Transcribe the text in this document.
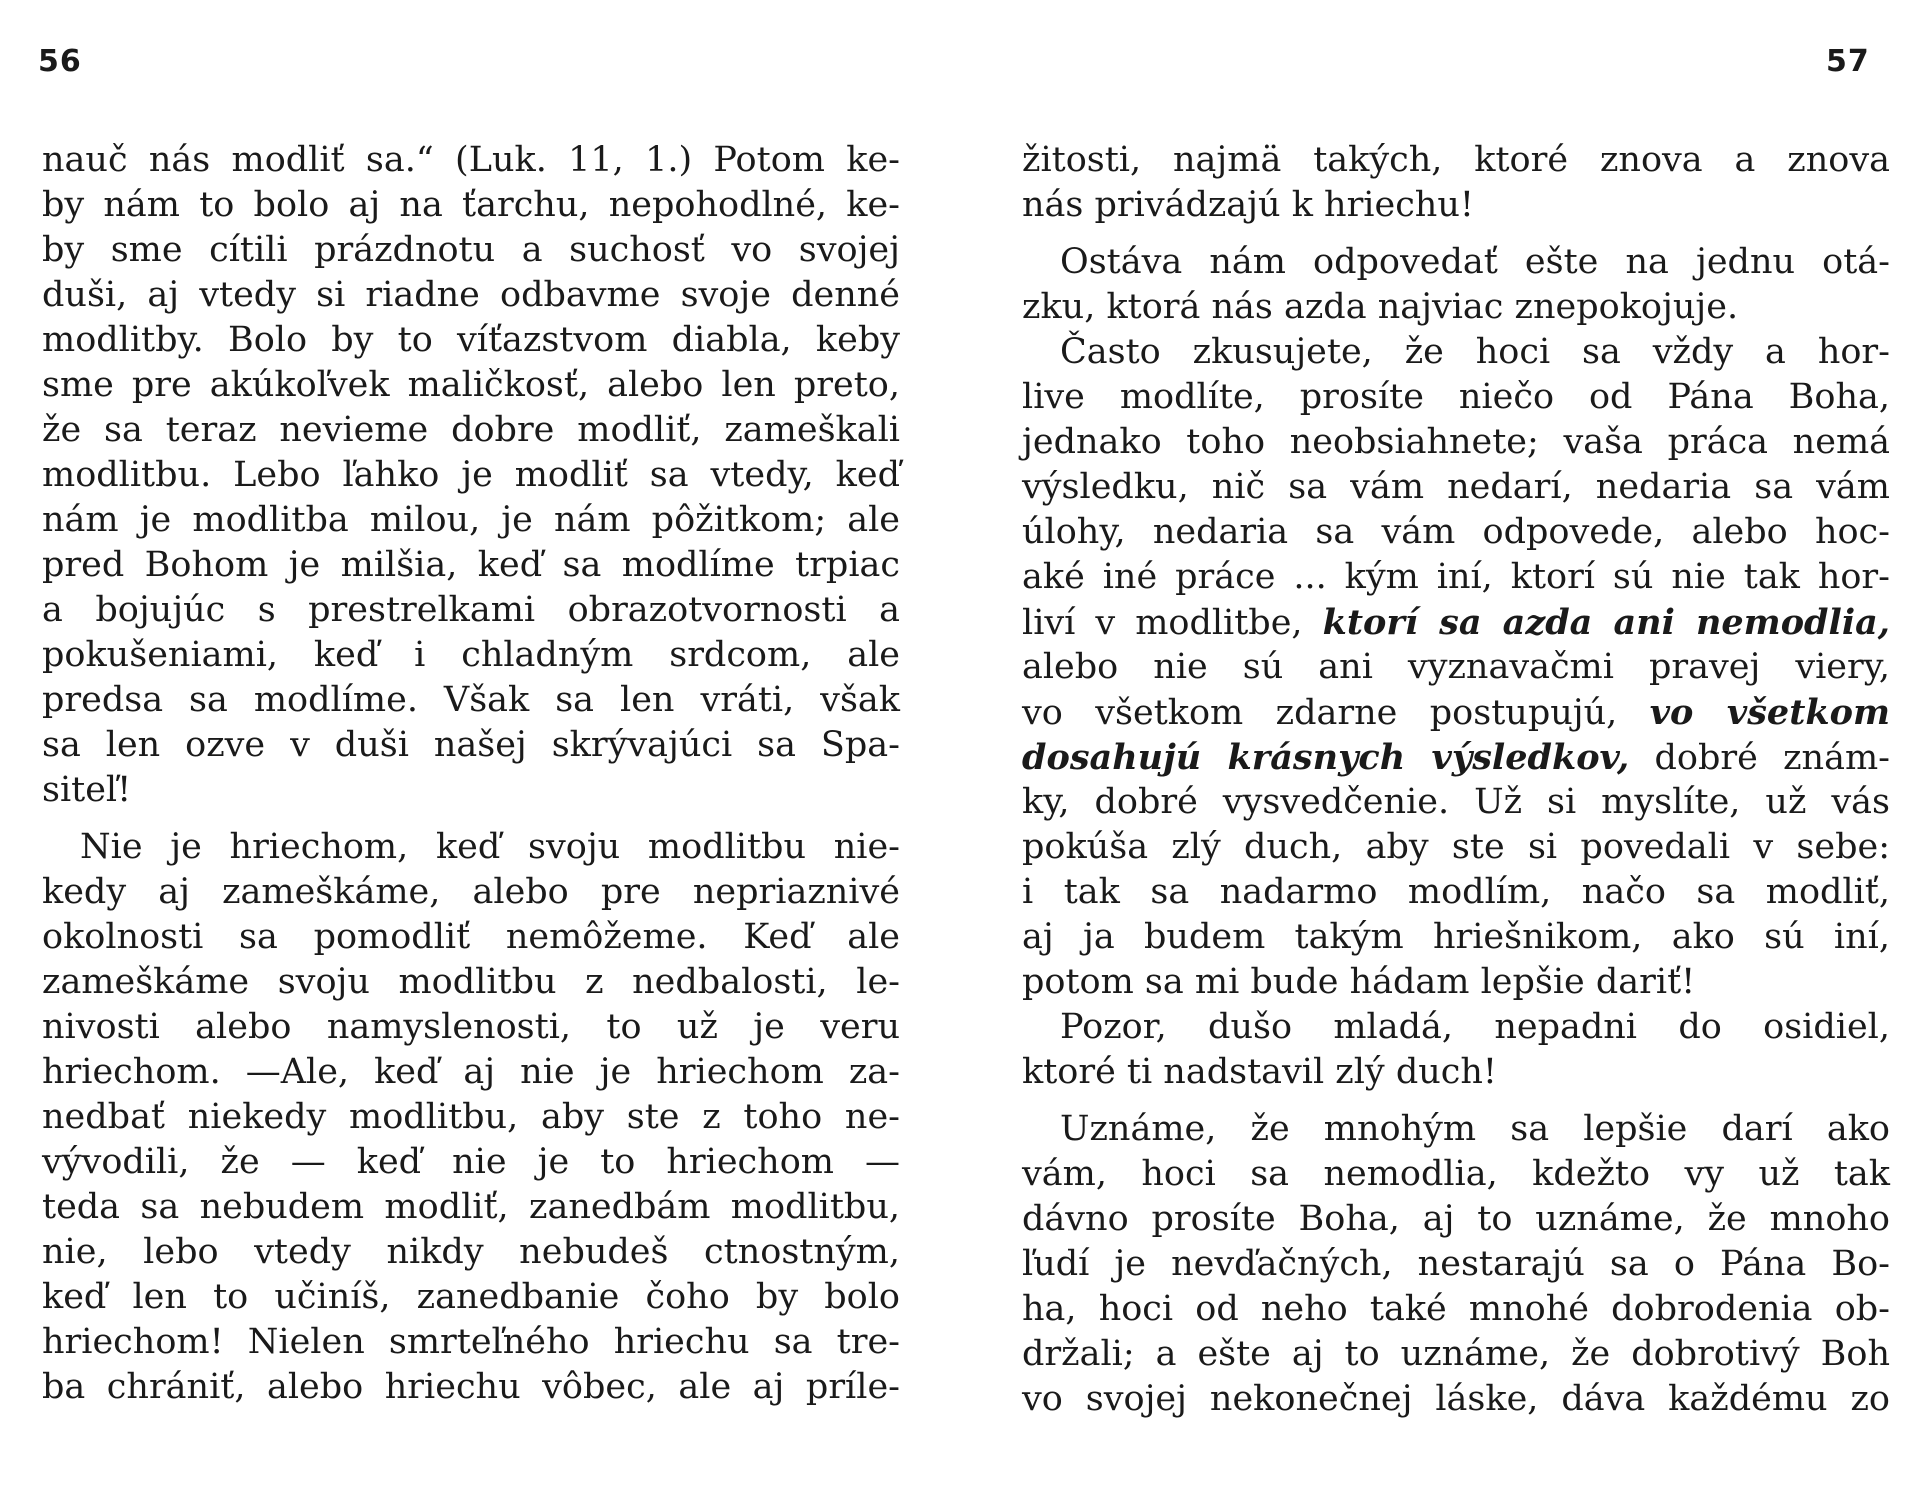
56	57
nauč nás modliť sa.“ (Luk. 11, 1.) Potom ke-
by nám to bolo aj na ťarchu, nepohodlné, ke-
by sme cítili prázdnotu a suchosť vo svojej
duši, aj vtedy si riadne odbavme svoje denné
modlitby. Bolo by to víťazstvom diabla, keby
sme pre akúkoľvek maličkosť, alebo len preto,
že sa teraz nevieme dobre modliť, zameškali
modlitbu. Lebo ľahko je modliť sa vtedy, keď
nám je modlitba milou, je nám pôžitkom; ale
pred Bohom je milšia, keď sa modlíme trpiac
a bojujúc s prestrelkami obrazotvornosti a
pokušeniami, keď i chladným srdcom, ale
predsa sa modlíme. Však sa len vráti, však
sa len ozve v duši našej skrývajúci sa Spa-
siteľ!
Nie je hriechom, keď svoju modlitbu nie-
kedy aj zameškáme, alebo pre nepriaznivé
okolnosti sa pomodliť nemôžeme. Keď ale
zameškáme svoju modlitbu z nedbalosti, le-
nivosti alebo namyslenosti, to už je veru
hriechom. —Ale, keď aj nie je hriechom za-
nedbať niekedy modlitbu, aby ste z toho ne-
vývodili, že — keď nie je to hriechom —
teda sa nebudem modliť, zanedbám modlitbu,
nie, lebo vtedy nikdy nebudeš ctnostným,
keď len to učiníš, zanedbanie čoho by bolo
hriechom! Nielen smrteľného hriechu sa tre-
ba chrániť, alebo hriechu vôbec, ale aj príle-
žitosti, najmä takých, ktoré znova a znova
nás privádzajú k hriechu!
Ostáva nám odpovedať ešte na jednu otá-
zku, ktorá nás azda najviac znepokojuje.
Často zkusujete, že hoci sa vždy a hor-
live modlíte, prosíte niečo od Pána Boha,
jednako toho neobsiahnete; vaša práca nemá
výsledku, nič sa vám nedarí, nedaria sa vám
úlohy, nedaria sa vám odpovede, alebo hoc-
aké iné práce ... kým iní, ktorí sú nie tak hor-
liví v modlitbe, ktorí sa azda ani nemodlia,
alebo nie sú ani vyznavačmi pravej viery,
vo všetkom zdarne postupujú, vo všetkom
dosahujú krásnych výsledkov, dobré znám-
ky, dobré vysvedčenie. Už si myslíte, už vás
pokúša zlý duch, aby ste si povedali v sebe:
i tak sa nadarmo modlím, načo sa modliť,
aj ja budem takým hriešnikom, ako sú iní,
potom sa mi bude hádam lepšie dariť!
Pozor, dušo mladá, nepadni do osidiel,
ktoré ti nadstavil zlý duch!
Uznáme, že mnohým sa lepšie darí ako
vám, hoci sa nemodlia, kdežto vy už tak
dávno prosíte Boha, aj to uznáme, že mnoho
ľudí je nevďačných, nestarajú sa o Pána Bo-
ha, hoci od neho také mnohé dobrodenia ob-
držali; a ešte aj to uznáme, že dobrotivý Boh
vo svojej nekonečnej láske, dáva každému zo
